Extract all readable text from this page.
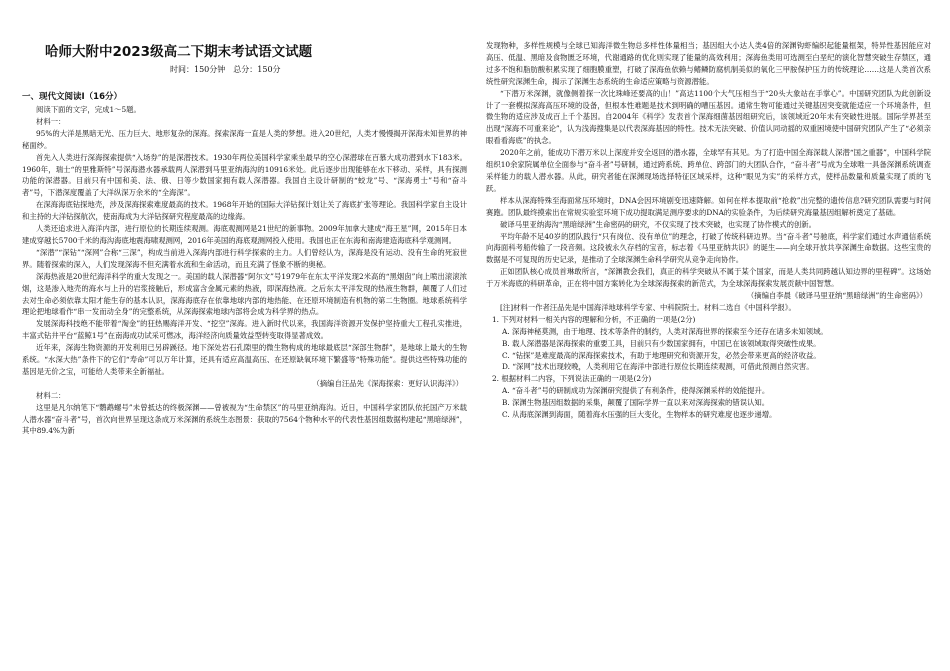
哈师大附中2023级高二下期末考试语文试题
时间：150分钟　总分：150分
一、现代文阅读Ⅰ（16分）

阅读下面的文字，完成1～5题。

材料一：

95%的大洋是黑暗无光、压力巨大、地形复杂的深海。探索深海一直是人类的梦想。进入20世纪，人类才慢慢揭开深海未知世界的神秘面纱。

首先入人类进行深海探索提供“入场券”的是深潜技术。1930年两位美国科学家乘坐最早的空心深潜球在百慕大成功潜到水下183米。1960年，瑞士“的里雅斯特”号深海潜水器承载两人深潜到马里亚纳海沟的10916米处。此后逐步出现能够在水下移动、采样，具有探测功能的深潜器。目前只有中国和美、法、俄、日等少数国家拥有载人深潜器。我国自主设计研制的“蛟龙”号、“深海勇士”号和“奋斗者”号，下潜深度覆盖了大洋纵深万余米的“全海深”。

在深海海底钻探地壳，涉及深海探索难度最高的技术。1968年开始的国际大洋钻探计划让关了海底扩张等理论。我国科学家自主设计和主持的大洋钻探航次，使南海成为大洋钻探研究程度最高的边缘海。

人类还追求进入海洋内部，进行原位的长期连续观测。海底观测网是21世纪的新事物。2009年加拿大建成“海王星”网，2015年日本建成穿越长5700千米的海沟海底地震海啸观测网，2016年美国的海底观测网投入使用。我国也正在东海和南海建造海底科学观测网。

“深潜”“深钻”“深网”合称“三深”，构成当前进入深海内部进行科学探索的主力。人们曾经认为，深海是没有运动、没有生命的死寂世界。随着探索的深入，人们发现深海不但充满着水流和生命活动，而且充满了怪象不断的奥秘。

深海热液是20世纪海洋科学的重大发现之一。美国的载人深潜器“阿尔文”号1979年在东太平洋发现2米高的“黑烟囱”向上喷出滚滚浓烟，这是渗入地壳的海水与上升的岩浆接触后，形成富含金属元素的热液，即深海热液。之后东太平洋发现的热液生物群，颠覆了人们过去对生命必须依靠太阳才能生存的基本认识，深海海底存在依靠地球内部的地热能、在还原环境制造有机物的第二生物圈。地球系统科学理论把地球看作“串一发而动全身”的完整系统，从深海探索地球内部将会成为科学界的热点。

发展深海科技绝不能带着“淘金”的狂热赐海洋开发、“挖空”深海。进入新时代以来，我国海洋资源开发保护坚持重大工程孔实推进，丰富式钻井平台“蓝鲸1号”在南海成功试采可燃冰，海洋经济向质量效益型转变取得显著成效。

近年来，深海生物资源的开发利用已另辟蹊径。地下深处岩石孔隙里的微生物构成的地球最底层“深部生物群”，是地球上最大的生物系统。“水深大热”条件下的它们“寿命”可以万年计算，还具有适应高温高压、在还原缺氧环境下繁盛等“特殊功能”。提供这些特殊功能的基因是无价之宝，可能给人类带来全新福祉。

（摘编自汪品先《深海探索：更好认识海洋》）

材料二：

这里是凡尔纳笔下“鹦鹉螺号”未曾抵达的终极深渊——曾被视为“生命禁区”的马里亚纳海沟。近日，中国科学家团队依托国产万米载人潜水器“奋斗者”号，首次向世界呈现这条成万米深渊的系统生态图景：获取的7564个物种水平的代表性基因组数据构建起“黑暗绿洲”，其中89.4%为新

发现物种，多样性规模与全球已知海洋微生物总多样性体量相当；基因组大小达人类4倍的深渊钩虾编织起能量框架，特异性基因能应对高压、低温、黑暗及食物匮乏环境，代谢通路的优化则实现了能量的高效利用；深海鱼类用可选测至白垩纪的演化智慧突破生存禁区，通过多不饱和脂肪酸积累实现了细胞膜重塑，打破了深海鱼依赖与鳍鳞防腐机制美似的氧化三甲胺保护压力的传统理论……这是人类首次系统性研究深渊生命，揭示了深渊生态系统的生命适应策略与资源潜能。

“下潜万米深渊，就像侧着探一次比珠峰还要高的山！”高达1100个大气压相当于“20头大象站在手掌心”。中国研究团队为此创新设计了一套模拟深海高压环境的设备，但根本性难题是技术到明确的嘈压基因。通常生物可能通过关键基因突变就能适应一个环境条件，但微生物的适应涉及成百上千个基因。自2004年《科学》发表首个深海细菌基因组研究后，该领域近20年未有突破性进展。国际学界甚至出现“深海不可重来论”，认为浅海搜集是以代表深海基因的特性。技术无法突破、价值认同动摇的双重困境使中国研究团队产生了“必须亲眼看看海底”的执念。

2020年之前，能成功下潜万米以上深度并安全返回的潜水器，全球罕有其见。为了打造中国全海深载人深潜“国之重器”，中国科学院组织10余家院属单位全面参与“奋斗者”号研制，通过跨系统、跨单位、跨部门的大团队合作，“奋斗者”号成为全球唯一具备深渊系统调查采样能力的载人潜水器。从此，研究者能在深渊现场选择特征区域采样，这种“眼见为实”的采样方式，使样品数量和质量实现了质的飞跃。

样本从深海特殊至海面常压环境时，DNA会因环境剧变迅速降解。如何在样本提取前“抢救”出完整的遗传信息?研究团队需要与时间赛跑。团队最终摸索出在常规实验室环境下成功提取满足测序要求的DNA的实验条件，为后续研究海量基因组解析奠定了基础。

破译马里亚纳海沟“黑暗绿洲”生命密码的研究，不仅实现了技术突破，也实现了协作模式的创新。

平均年龄不足40岁的团队践行“只有岗位、没有单位”的理念，打破了传统科研边界。当“奋斗者”号驰底，科学家们通过水声通信系统向海面科考船传输了一段音频。这段被永久存档的宝音，标志着《马里亚纳共识》的诞生——向全球开放共享深渊生命数据。这些宝贵的数据是不可复现的历史记录，是推动了全球深渊生命科学研究从竞争走向协作。

正如团队核心成员首琳敢所言，“深渊教会我们，真正的科学突破从不属于某个国家，而是人类共同跨越认知边界的里程碑”。这场始于万米海底的科研革命，正在将中国方案转化为全球深海探索的新范式，为全球深海探索发展贡献中国智慧。

（摘编自李晨《破译马里亚纳“黑暗绿洲”的生命密码》）

[注]材料一作者汪品先是中国海洋地球科学专家、中科院院士。材料二选自《中国科学报》。

1. 下列对材料一相关内容的理解和分析，不正确的一项是(2分)

A. 深海神秘莫测，由于地理、技术等条件的制约，人类对深海世界的探索至今还存在诸多未知领域。

B. 载人深潜器是深海探索的重要工具，目前只有少数国家拥有，中国已在该领域取得突破性成果。

C. “钻探”是难度最高的深海探索技术，有助于地理研究和资源开发，必然会带来更高的经济收益。

D. “深网”技术出现较晚，人类利用它在海洋中部进行原位长期连续观测，可借此预测自然灾害。

2. 根据材料二内容，下列说法正确的一项是(2分)

A. “奋斗者”号的研制成功为深渊研究提供了有利条件，使得深渊采样的效能提升。

B. 深渊生物基因组数据的采集，颠覆了国际学界一直以来对深海探索的错误认知。

C. 从海底深渊到海面，随着海水压强的巨大变化，生物样本的研究难度也逐步递增。
